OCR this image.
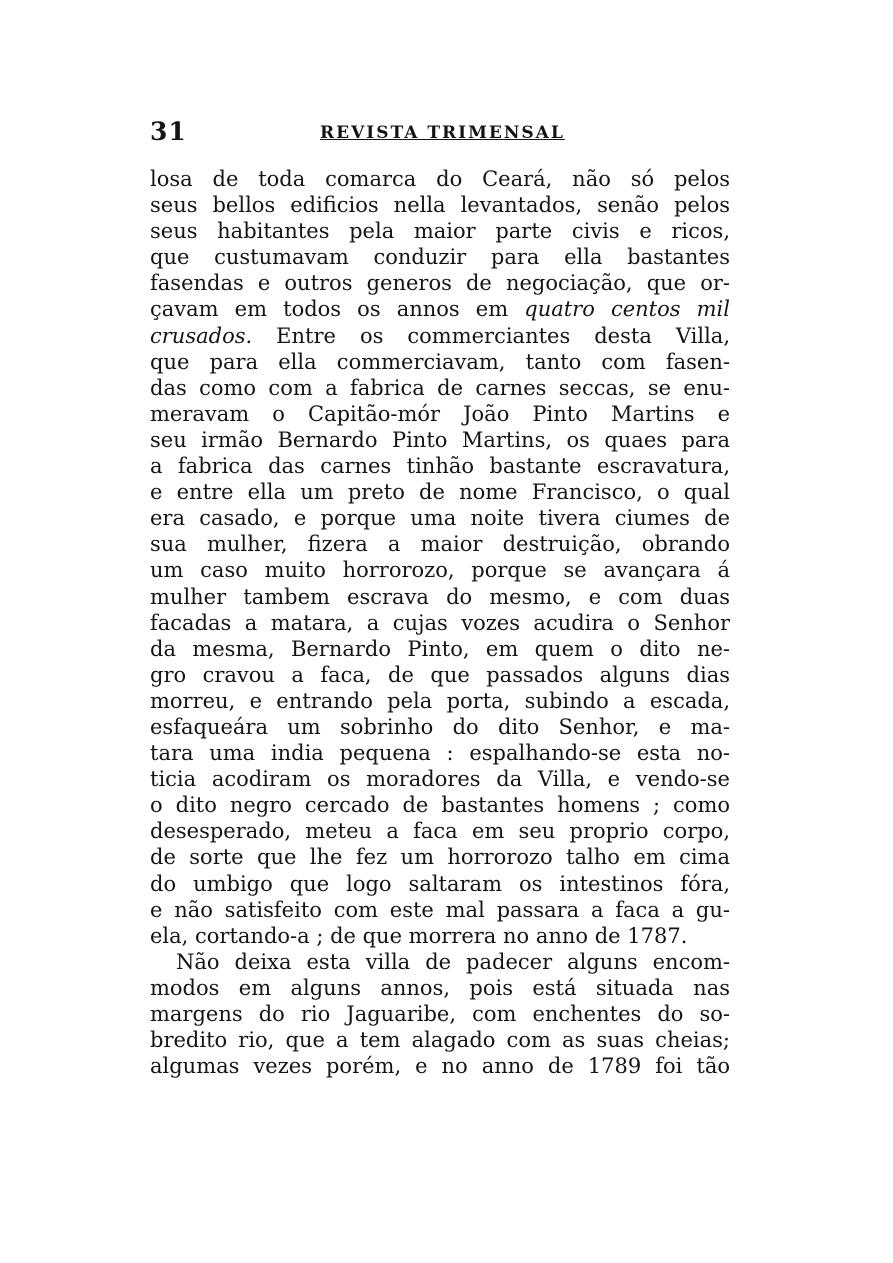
31	REVISTA TRIMENSAL
losa de toda comarca do Ceará, não só pelos
seus bellos edificios nella levantados, senão pelos
seus habitantes pela maior parte civis e ricos,
que custumavam conduzir para ella bastantes
fasendas e outros generos de negociação, que or-
çavam em todos os annos em quatro centos mil
crusados. Entre os commerciantes desta Villa,
que para ella commerciavam, tanto com fasen-
das como com a fabrica de carnes seccas, se enu-
meravam o Capitão-mór João Pinto Martins e
seu irmão Bernardo Pinto Martins, os quaes para
a fabrica das carnes tinhão bastante escravatura,
e entre ella um preto de nome Francisco, o qual
era casado, e porque uma noite tivera ciumes de
sua mulher, fizera a maior destruição, obrando
um caso muito horrorozo, porque se avançara á
mulher tambem escrava do mesmo, e com duas
facadas a matara, a cujas vozes acudira o Senhor
da mesma, Bernardo Pinto, em quem o dito ne-
gro cravou a faca, de que passados alguns dias
morreu, e entrando pela porta, subindo a escada,
esfaqueára um sobrinho do dito Senhor, e ma-
tara uma india pequena : espalhando-se esta no-
ticia acodiram os moradores da Villa, e vendo-se
o dito negro cercado de bastantes homens ; como
desesperado, meteu a faca em seu proprio corpo,
de sorte que lhe fez um horrorozo talho em cima
do umbigo que logo saltaram os intestinos fóra,
e não satisfeito com este mal passara a faca a gu-
ela, cortando-a ; de que morrera no anno de 1787.
Não deixa esta villa de padecer alguns encom-
modos em alguns annos, pois está situada nas
margens do rio Jaguaribe, com enchentes do so-
bredito rio, que a tem alagado com as suas cheias;
algumas vezes porém, e no anno de 1789 foi tão
